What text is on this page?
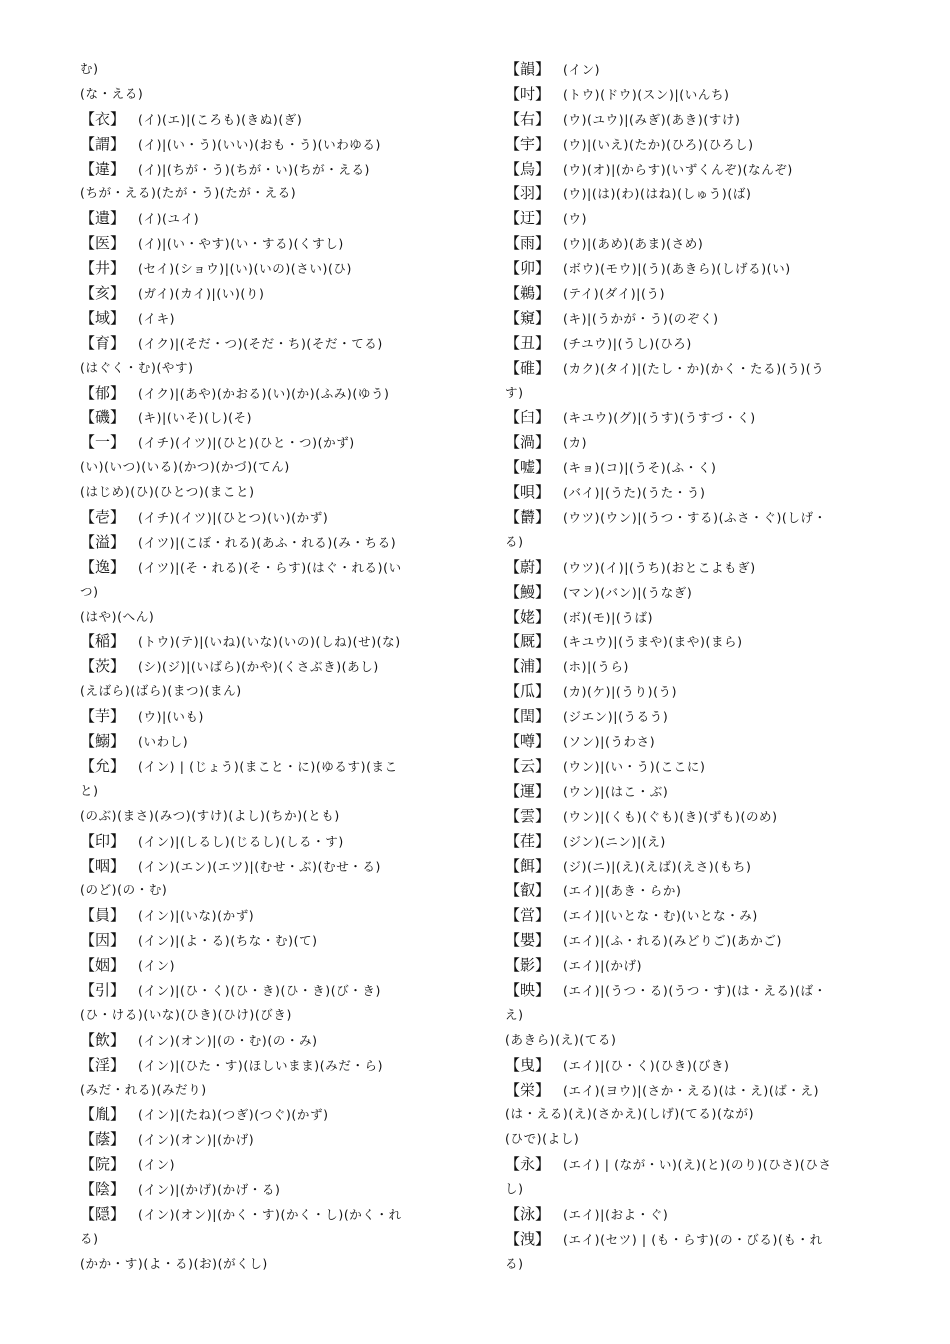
む)
(な・える)
【衣】 (イ)(エ)|(ころも)(きぬ)(ぎ)
【謂】 (イ)|(い・う)(いい)(おも・う)(いわゆる)
【違】 (イ)|(ちが・う)(ちが・い)(ちが・える)
(ちが・える)(たが・う)(たが・える)
【遺】 (イ)(ユイ)
【医】 (イ)|(い・やす)(い・する)(くすし)
【井】 (セイ)(ショウ)|(い)(いの)(さい)(ひ)
【亥】 (ガイ)(カイ)|(い)(り)
【域】 (イキ)
【育】 (イク)|(そだ・つ)(そだ・ち)(そだ・てる)
(はぐく・む)(やす)
【郁】 (イク)|(あや)(かおる)(い)(か)(ふみ)(ゆう)
【磯】 (キ)|(いそ)(し)(そ)
【一】 (イチ)(イツ)|(ひと)(ひと・つ)(かず)
(い)(いつ)(いる)(かつ)(かづ)(てん)
(はじめ)(ひ)(ひとつ)(まこと)
【壱】 (イチ)(イツ)|(ひとつ)(い)(かず)
【溢】 (イツ)|(こぼ・れる)(あふ・れる)(み・ちる)
【逸】 (イツ)|(そ・れる)(そ・らす)(はぐ・れる)(い
つ)
(はや)(へん)
【稲】 (トウ)(テ)|(いね)(いな)(いの)(しね)(せ)(な)
【茨】 (シ)(ジ)|(いばら)(かや)(くさぶき)(あし)
(えばら)(ばら)(まつ)(まん)
【芋】 (ウ)|(いも)
【鰯】 (いわし)
【允】 (イン) | (じょう)(まこと・に)(ゆるす)(まこ
と)
(のぶ)(まさ)(みつ)(すけ)(よし)(ちか)(とも)
【印】 (イン)|(しるし)(じるし)(しる・す)
【咽】 (イン)(エン)(エツ)|(むせ・ぶ)(むせ・る)
(のど)(の・む)
【員】 (イン)|(いな)(かず)
【因】 (イン)|(よ・る)(ちな・む)(て)
【姻】 (イン)
【引】 (イン)|(ひ・く)(ひ・き)(ひ・き)(び・き)
(ひ・ける)(いな)(ひき)(ひけ)(びき)
【飲】 (イン)(オン)|(の・む)(の・み)
【淫】 (イン)|(ひた・す)(ほしいまま)(みだ・ら)
(みだ・れる)(みだり)
【胤】 (イン)|(たね)(つぎ)(つぐ)(かず)
【蔭】 (イン)(オン)|(かげ)
【院】 (イン)
【陰】 (イン)|(かげ)(かげ・る)
【隠】 (イン)(オン)|(かく・す)(かく・し)(かく・れ
る)
(かか・す)(よ・る)(お)(がくし)
【韻】 (イン)
【吋】 (トウ)(ドウ)(スン)|(いんち)
【右】 (ウ)(ユウ)|(みぎ)(あき)(すけ)
【宇】 (ウ)|(いえ)(たか)(ひろ)(ひろし)
【烏】 (ウ)(オ)|(からす)(いずくんぞ)(なんぞ)
【羽】 (ウ)|(は)(わ)(はね)(しゅう)(ば)
【迂】 (ウ)
【雨】 (ウ)|(あめ)(あま)(さめ)
【卯】 (ボウ)(モウ)|(う)(あきら)(しげる)(い)
【鵜】 (テイ)(ダイ)|(う)
【窺】 (キ)|(うかが・う)(のぞく)
【丑】 (チユウ)|(うし)(ひろ)
【碓】 (カク)(タイ)|(たし・か)(かく・たる)(う)(う
す)
【臼】 (キユウ)(グ)|(うす)(うすづ・く)
【渦】 (カ)
【嘘】 (キョ)(コ)|(うそ)(ふ・く)
【唄】 (バイ)|(うた)(うた・う)
【欝】 (ウツ)(ウン)|(うつ・する)(ふさ・ぐ)(しげ・
る)
【蔚】 (ウツ)(イ)|(うち)(おとこよもぎ)
【鰻】 (マン)(バン)|(うなぎ)
【姥】 (ボ)(モ)|(うば)
【厩】 (キユウ)|(うまや)(まや)(まら)
【浦】 (ホ)|(うら)
【瓜】 (カ)(ケ)|(うり)(う)
【閏】 (ジエン)|(うるう)
【噂】 (ソン)|(うわさ)
【云】 (ウン)|(い・う)(ここに)
【運】 (ウン)|(はこ・ぶ)
【雲】 (ウン)|(くも)(ぐも)(き)(ずも)(のめ)
【荏】 (ジン)(ニン)|(え)
【餌】 (ジ)(ニ)|(え)(えば)(えさ)(もち)
【叡】 (エイ)|(あき・らか)
【営】 (エイ)|(いとな・む)(いとな・み)
【嬰】 (エイ)|(ふ・れる)(みどりご)(あかご)
【影】 (エイ)|(かげ)
【映】 (エイ)|(うつ・る)(うつ・す)(は・える)(ば・
え)
(あきら)(え)(てる)
【曳】 (エイ)|(ひ・く)(ひき)(びき)
【栄】 (エイ)(ヨウ)|(さか・える)(は・え)(ば・え)
(は・える)(え)(さかえ)(しげ)(てる)(なが)
(ひで)(よし)
【永】 (エイ) | (なが・い)(え)(と)(のり)(ひさ)(ひさ
し)
【泳】 (エイ)|(およ・ぐ)
【洩】 (エイ)(セツ) | (も・らす)(の・びる)(も・れ
る)
